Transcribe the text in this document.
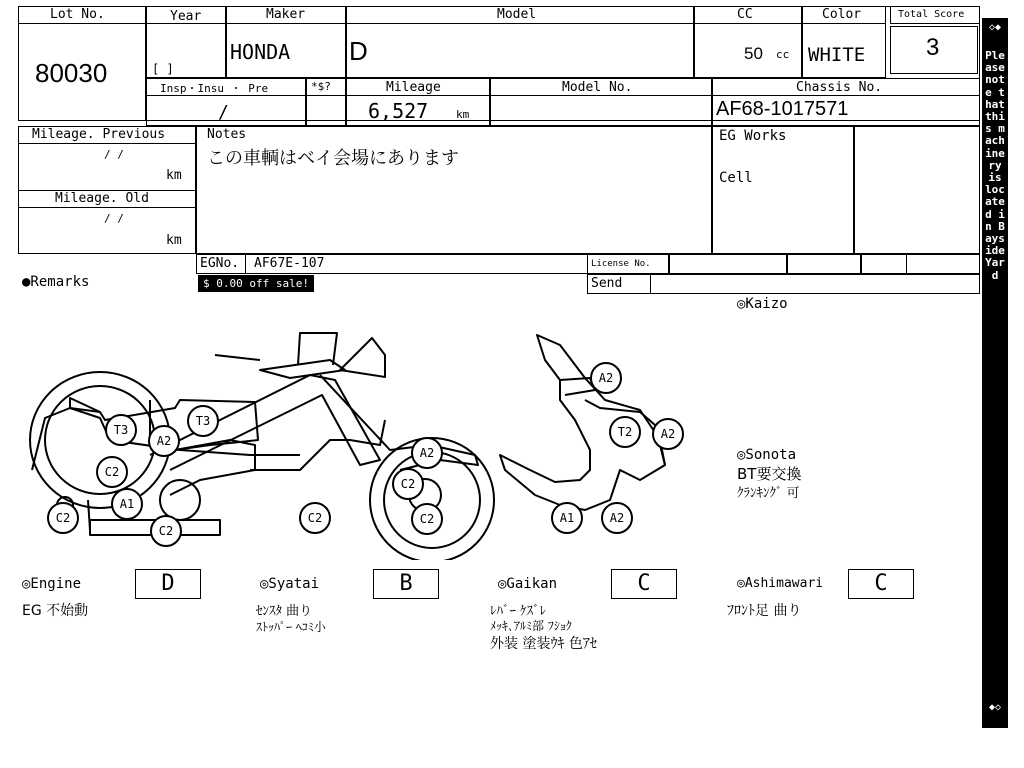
Lot No.
80030
Year
[ ]
Maker
HONDA
Model
D
CC
50 cc
Color
WHITE
Total Score
3
Insp・Insu ・ Pre
/
*$?	Mileage
6,527	km
Model No.	Chassis No.
AF68-1017571
Mileage. Previous
/ /
km
Mileage. Old
/ /
km
Notes
この車輌はベイ会場にあります
EG Works
Cell
EGNo. AF67E-107	License No.
Send
●Remarks	$ 0.00 off sale!
◎Kaizo
T3
T3
A2
C2
A1
C2
C2
C2
A2
C2
C2
A2
T2	A2
A1	A2
◎Sonota
BT要交換
ｸﾗﾝｷﾝｸﾞ 可
◎Engine	D
EG 不始動
◎Syatai	B
ｾﾝｽﾀ 曲り
ｽﾄｯﾊﾟｰ ﾍｺﾐ小
◎Gaikan	C
ﾚﾊﾞｰ ｹｽﾞﾚ
ﾒｯｷ､ｱﾙﾐ部 ﾌｼｮｸ
外装 塗装ｳｷ 色ｱｾ
◎Ashimawari	C
ﾌﾛﾝﾄ足 曲り
◇◆
Please note that this machinery is located in Bayside Yard
◆◇
